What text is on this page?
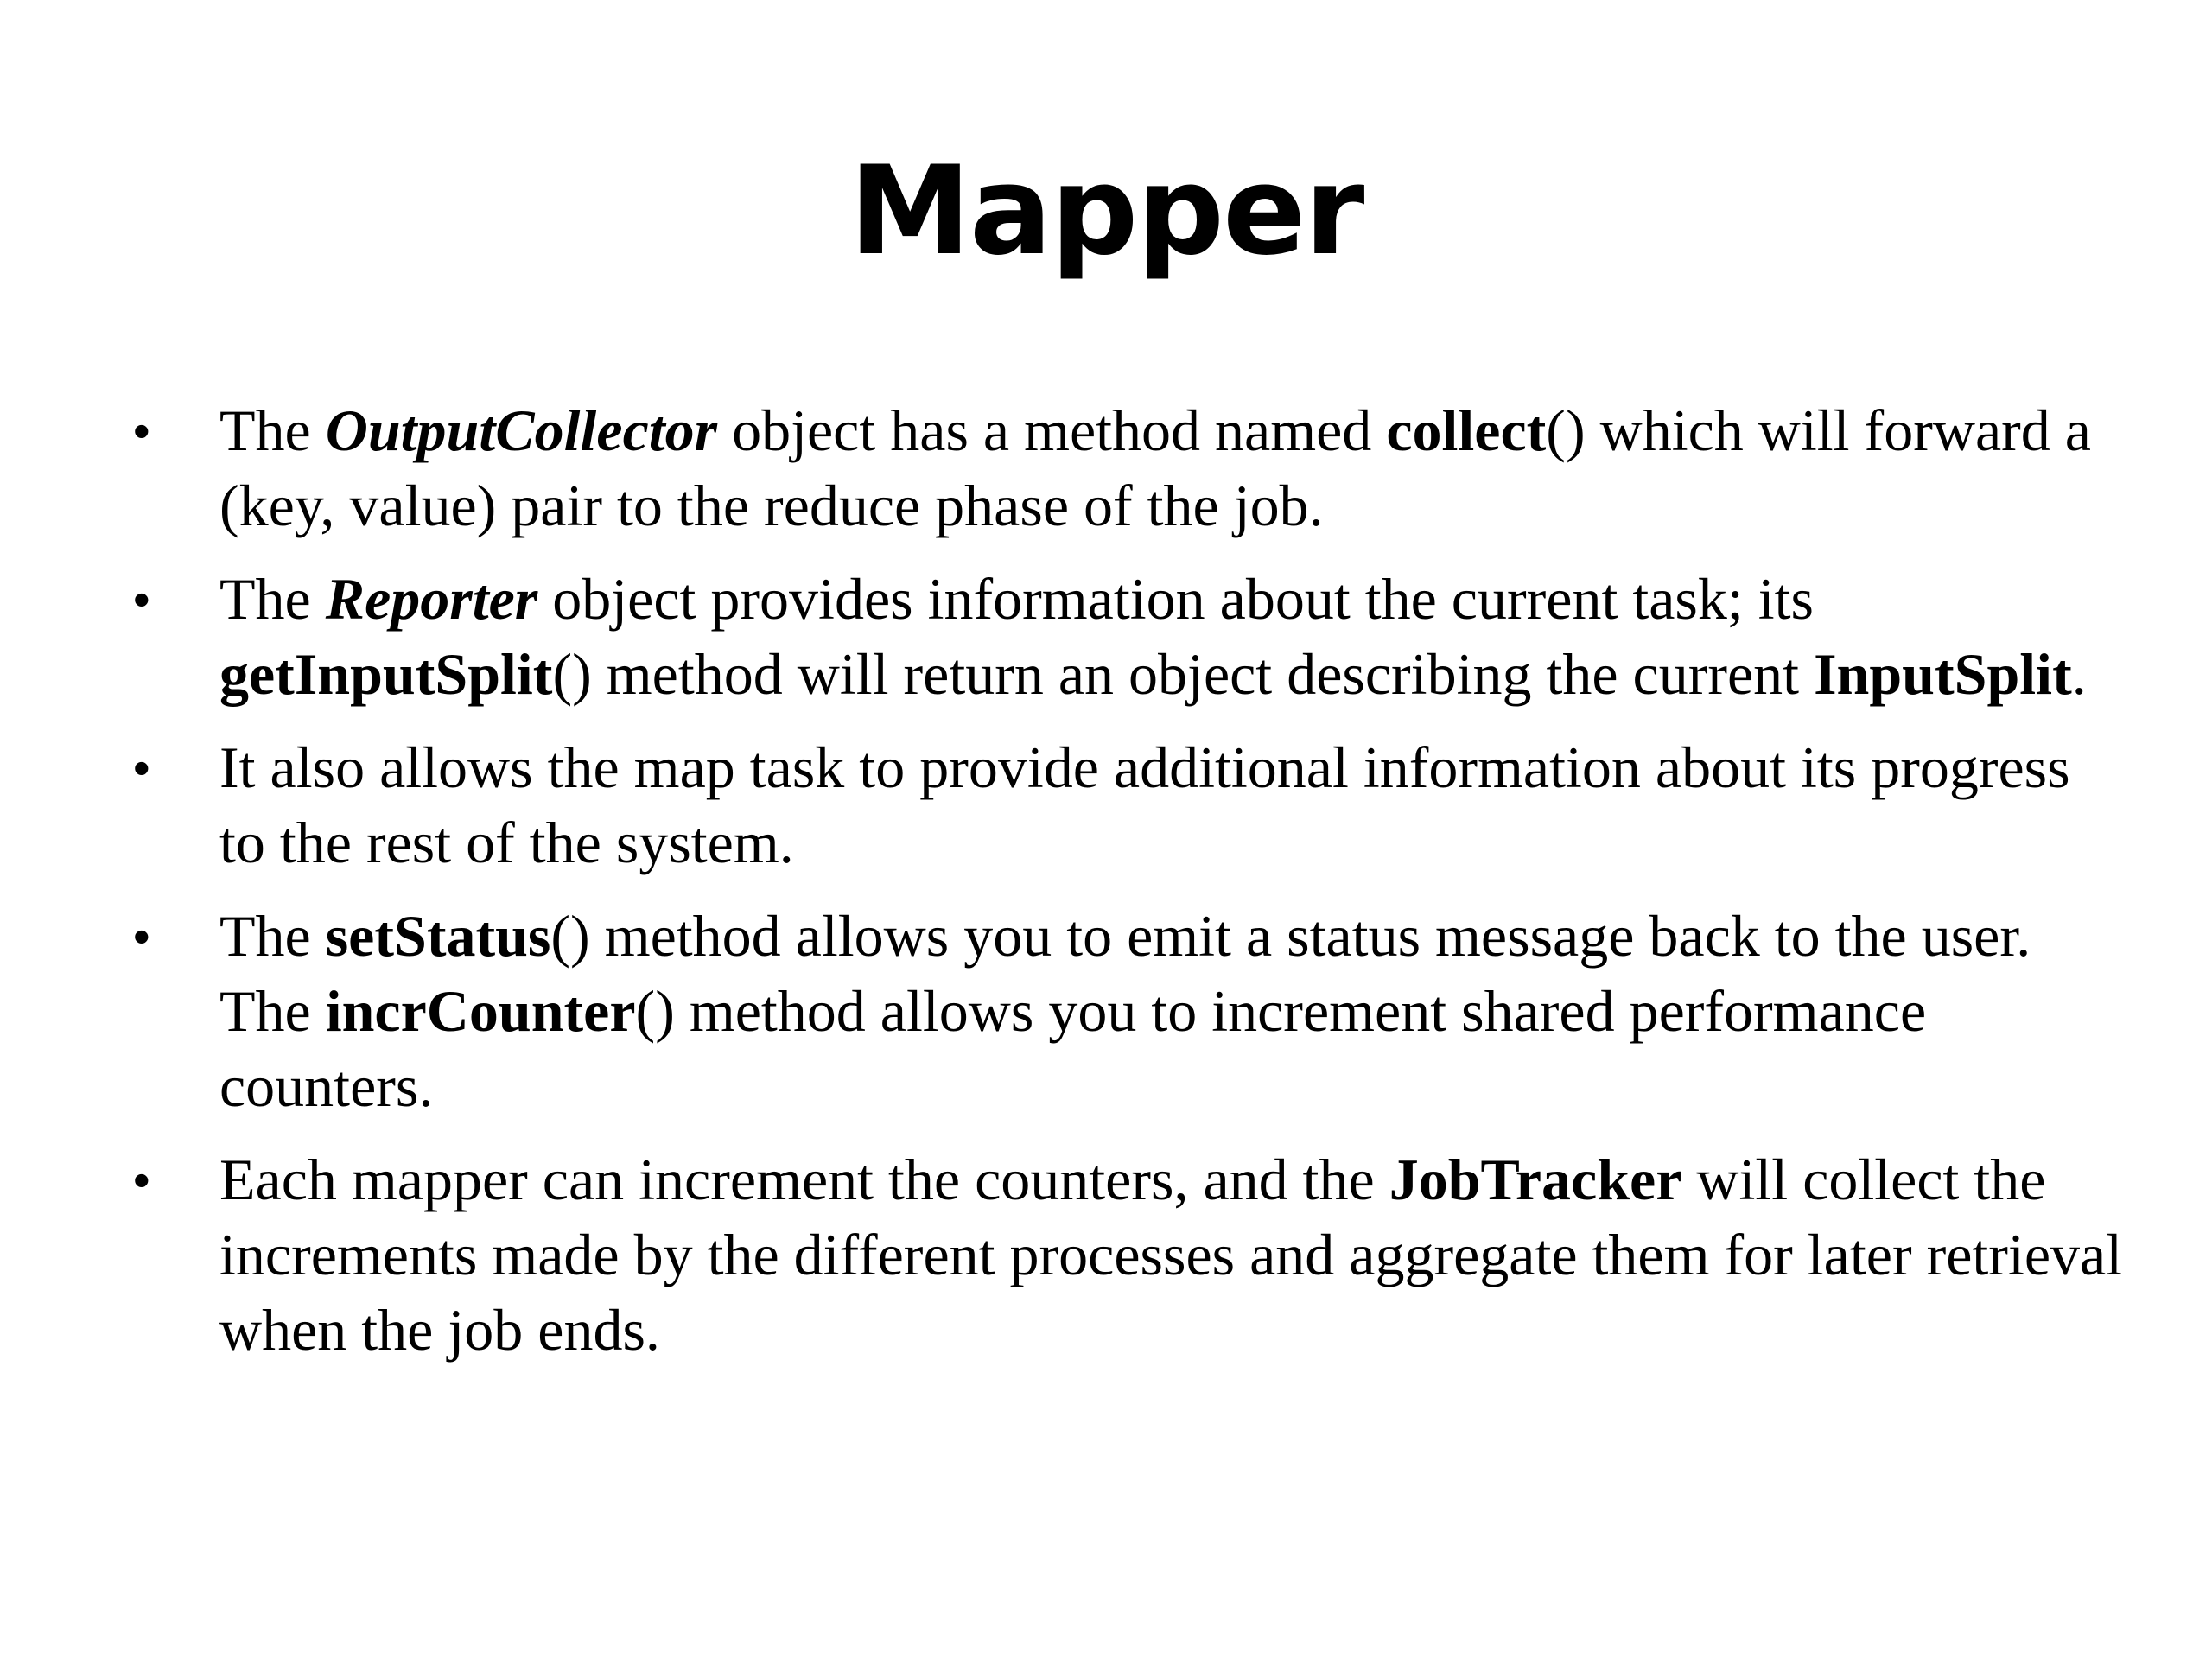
Mapper
• The OutputCollector object has a method named collect() which will forward a (key, value) pair to the reduce phase of the job.
• The Reporter object provides information about the current task; its getInputSplit() method will return an object describing the current InputSplit.
• It also allows the map task to provide additional information about its progress to the rest of the system.
• The setStatus() method allows you to emit a status message back to the user. The incrCounter() method allows you to increment shared performance counters.
• Each mapper can increment the counters, and the JobTracker will collect the increments made by the different processes and aggregate them for later retrieval when the job ends.
